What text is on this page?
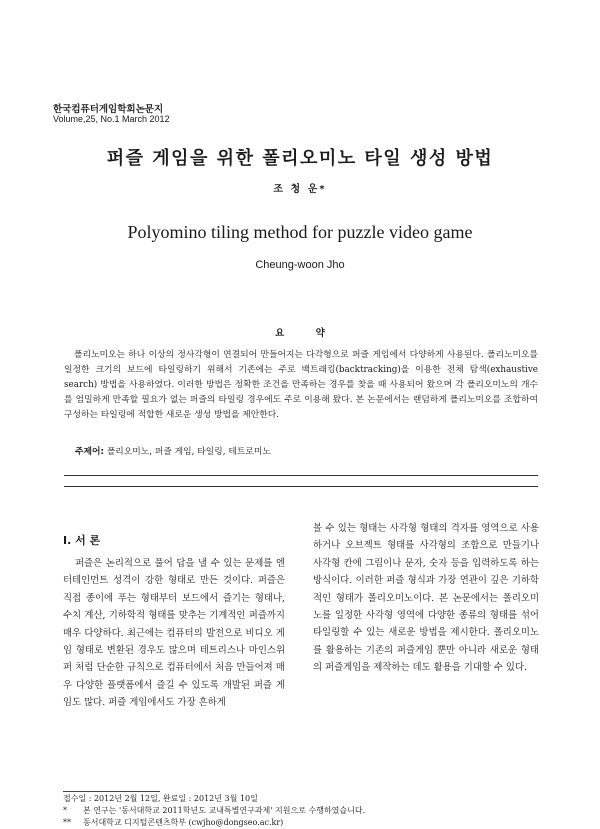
한국컴퓨터게임학회논문지
Volume,25, No.1 March 2012
퍼즐 게임을 위한 폴리오미노 타일 생성 방법
조 청 운*
Polyomino tiling method for puzzle video game
Cheung-woon Jho
요 약

폴리노미오는 하나 이상의 정사각형이 연결되어 만들어지는 다각형으로 퍼즐 게임에서 다양하게 사용된다. 폴리노미오를 일정한 크기의 보드에 타일링하기 위해서 기존에는 주로 백트래킹(backtracking)을 이용한 전체 탐색(exhaustive search) 방법을 사용하였다. 이러한 방법은 정확한 조건을 만족하는 경우를 찾을 때 사용되어 왔으며 각 폴리오미노의 개수를 엄밀하게 만족할 필요가 없는 퍼즐의 타일링 경우에도 주로 이용해 왔다. 본 논문에서는 랜덤하게 폴리노미오를 조합하여 구성하는 타일링에 적합한 새로운 생성 방법을 제안한다.

주제어: 폴리오미노, 퍼즐 게임, 타일링, 테트로미노
Ⅰ. 서 론

퍼즐은 논리적으로 풀어 답을 낼 수 있는 문제를 엔터테인먼트 성격이 강한 형태로 만든 것이다. 퍼즐은 직접 종이에 푸는 형태부터 보드에서 즐기는 형태나, 수치 계산, 기하학적 형태를 맞추는 기계적인 퍼즐까지 매우 다양하다. 최근에는 컴퓨터의 발전으로 비디오 게임 형태로 변환된 경우도 많으며 테트리스나 마인스위퍼 처럼 단순한 규칙으로 컴퓨터에서 처음 만들어져 매우 다양한 플랫폼에서 즐길 수 있도록 개발된 퍼즐 게임도 많다. 퍼즐 게임에서도 가장 흔하게

볼 수 있는 형태는 사각형 형태의 격자를 영역으로 사용하거나 오브젝트 형태를 사각형의 조합으로 만들기나 사각형 칸에 그림이나 문자, 숫자 등을 입력하도록 하는 방식이다. 이러한 퍼즐 형식과 가장 연관이 깊은 기하학적인 형태가 폴리오미노이다. 본 논문에서는 폴리오미노를 일정한 사각형 영역에 다양한 종류의 형태를 섞어 타일링할 수 있는 새로운 방법을 제시한다. 폴리오미노를 활용하는 기존의 퍼즐게임 뿐만 아니라 새로운 형태의 퍼즐게임을 제작하는 데도 활용을 기대할 수 있다.

접수일 : 2012년 2월 12일, 완료일 : 2012년 3월 10일
* 본 연구는 '동서대학교 2011학년도 교내특별연구과제' 지원으로 수행하였습니다.
** 동서대학교 디지털콘텐츠학부 (cwjho@dongseo.ac.kr)
